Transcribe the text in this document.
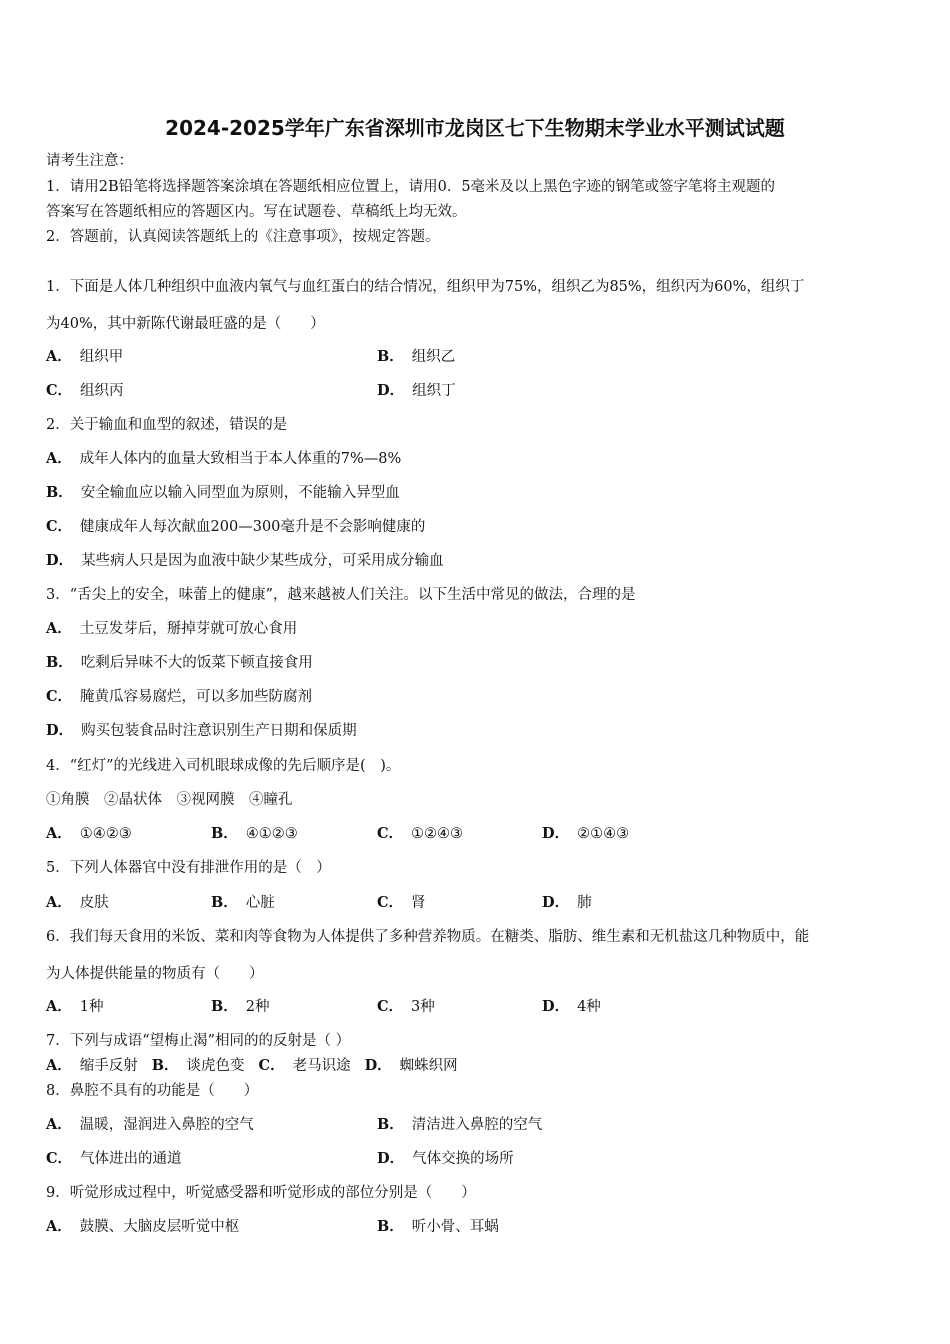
2024-2025学年广东省深圳市龙岗区七下生物期末学业水平测试试题
请考生注意：
1．请用2B铅笔将选择题答案涂填在答题纸相应位置上，请用0．5毫米及以上黑色字迹的钢笔或签字笔将主观题的
答案写在答题纸相应的答题区内。写在试题卷、草稿纸上均无效。
2．答题前，认真阅读答题纸上的《注意事项》，按规定答题。
1．下面是人体几种组织中血液内氧气与血红蛋白的结合情况，组织甲为75%，组织乙为85%，组织丙为60%，组织丁
为40%，其中新陈代谢最旺盛的是（　　）
A． 组织甲	B． 组织乙
C． 组织丙	D． 组织丁
2．关于输血和血型的叙述，错误的是
A． 成年人体内的血量大致相当于本人体重的7%—8%
B． 安全输血应以输入同型血为原则，不能输入异型血
C． 健康成年人每次献血200—300毫升是不会影响健康的
D． 某些病人只是因为血液中缺少某些成分，可采用成分输血
3．“舌尖上的安全，味蕾上的健康”，越来越被人们关注。以下生活中常见的做法，合理的是
A． 土豆发芽后，掰掉芽就可放心食用
B． 吃剩后异味不大的饭菜下顿直接食用
C． 腌黄瓜容易腐烂，可以多加些防腐剂
D． 购买包装食品时注意识别生产日期和保质期
4．“红灯”的光线进入司机眼球成像的先后顺序是(　)。
①角膜　②晶状体　③视网膜　④瞳孔
A． ①④②③	B． ④①②③	C． ①②④③	D． ②①④③
5．下列人体器官中没有排泄作用的是（　）
A． 皮肤	B． 心脏	C． 肾	D． 肺
6．我们每天食用的米饭、菜和肉等食物为人体提供了多种营养物质。在糖类、脂肪、维生素和无机盐这几种物质中，能
为人体提供能量的物质有（　　）
A． 1种	B． 2种	C． 3种	D． 4种
7．下列与成语“望梅止渴”相同的的反射是（ ）
A． 缩手反射 B． 谈虎色变 C． 老马识途 D． 蜘蛛织网
8．鼻腔不具有的功能是（　　）
A． 温暖，湿润进入鼻腔的空气	B． 清洁进入鼻腔的空气
C． 气体进出的通道	D． 气体交换的场所
9．听觉形成过程中，听觉感受器和听觉形成的部位分别是（　　）
A． 鼓膜、大脑皮层听觉中枢	B． 听小骨、耳蜗
